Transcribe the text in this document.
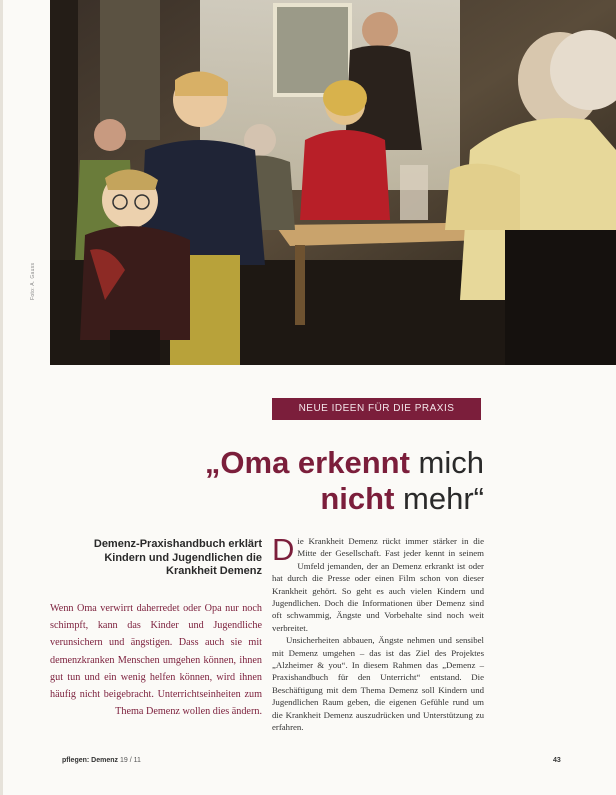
Foto: A. Gauss
NEUE IDEEN FÜR DIE PRAXIS
„Oma erkennt mich
nicht mehr“
Demenz-Praxishandbuch erklärt Kindern und Jugendlichen die Krankheit Demenz
Wenn Oma verwirrt daherredet oder Opa nur noch schimpft, kann das Kinder und Jugendliche verunsichern und ängstigen. Dass auch sie mit demenzkranken Menschen umgehen können, ihnen gut tun und ein wenig helfen können, wird ihnen häufig nicht beigebracht. Unterrichtseinheiten zum Thema Demenz wollen dies ändern.

Die Krankheit Demenz rückt immer stärker in die Mitte der Gesellschaft. Fast jeder kennt in seinem Umfeld jemanden, der an Demenz erkrankt ist oder hat durch die Presse oder einen Film schon von dieser Krankheit gehört. So geht es auch vielen Kindern und Jugendlichen. Doch die Informationen über Demenz sind oft schwammig, Ängste und Vorbehalte sind noch weit verbreitet.

Unsicherheiten abbauen, Ängste nehmen und sensibel mit Demenz umgehen – das ist das Ziel des Projektes „Alzheimer & you“. In diesem Rahmen das „Demenz – Praxishandbuch für den Unterricht“ entstand. Die Beschäftigung mit dem Thema Demenz soll Kindern und Jugendlichen Raum geben, die eigenen Gefühle rund um die Krankheit Demenz auszudrücken und Unterstützung zu erfahren.

pflegen: Demenz 19 / 11	43
